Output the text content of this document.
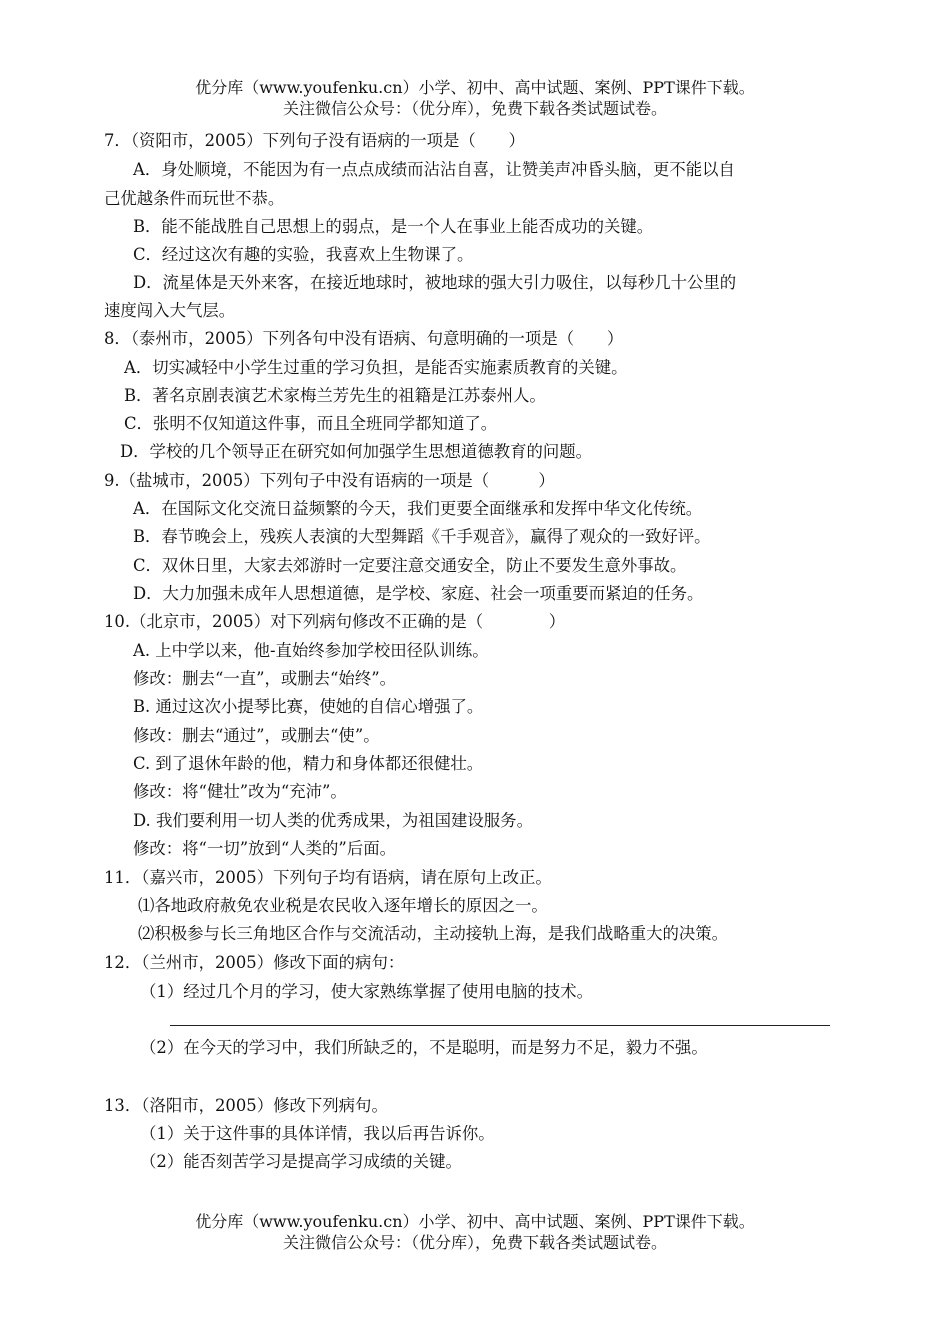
优分库（www.youfenku.cn）小学、初中、高中试题、案例、PPT课件下载。
关注微信公众号：（优分库），免费下载各类试题试卷。
7．（资阳市，2005）下列句子没有语病的一项是（　　）
A．身处顺境，不能因为有一点点成绩而沾沾自喜，让赞美声冲昏头脑，更不能以自
己优越条件而玩世不恭。
B．能不能战胜自己思想上的弱点，是一个人在事业上能否成功的关键。
C．经过这次有趣的实验，我喜欢上生物课了。
D．流星体是天外来客，在接近地球时，被地球的强大引力吸住，以每秒几十公里的
速度闯入大气层。
8．（泰州市，2005）下列各句中没有语病、句意明确的一项是（　　）
A．切实减轻中小学生过重的学习负担，是能否实施素质教育的关键。
B．著名京剧表演艺术家梅兰芳先生的祖籍是江苏泰州人。
C．张明不仅知道这件事，而且全班同学都知道了。
D．学校的几个领导正在研究如何加强学生思想道德教育的问题。
9.（盐城市，2005）下列句子中没有语病的一项是（　　　）
A．在国际文化交流日益频繁的今天，我们更要全面继承和发挥中华文化传统。
B．春节晚会上，残疾人表演的大型舞蹈《千手观音》，赢得了观众的一致好评。
C．双休日里，大家去郊游时一定要注意交通安全，防止不要发生意外事故。
D．大力加强未成年人思想道德，是学校、家庭、社会一项重要而紧迫的任务。
10.（北京市，2005）对下列病句修改不正确的是（　　　　）
A. 上中学以来，他-直始终参加学校田径队训练。
修改：删去“一直”，或删去“始终”。
B. 通过这次小提琴比赛，使她的自信心增强了。
修改：删去“通过”，或删去“使”。
C. 到了退休年龄的他，精力和身体都还很健壮。
修改：将“健壮”改为“充沛”。
D. 我们要利用一切人类的优秀成果，为祖国建设服务。
修改：将“一切”放到“人类的”后面。
11．（嘉兴市，2005）下列句子均有语病，请在原句上改正。
⑴各地政府赦免农业税是农民收入逐年增长的原因之一。
⑵积极参与长三角地区合作与交流活动，主动接轨上海，是我们战略重大的决策。
12．（兰州市，2005）修改下面的病句：
（1）经过几个月的学习，使大家熟练掌握了使用电脑的技术。
（2）在今天的学习中，我们所缺乏的，不是聪明，而是努力不足，毅力不强。
13．（洛阳市，2005）修改下列病句。
（1）关于这件事的具体详情，我以后再告诉你。
（2）能否刻苦学习是提高学习成绩的关键。
优分库（www.youfenku.cn）小学、初中、高中试题、案例、PPT课件下载。
关注微信公众号：（优分库），免费下载各类试题试卷。
